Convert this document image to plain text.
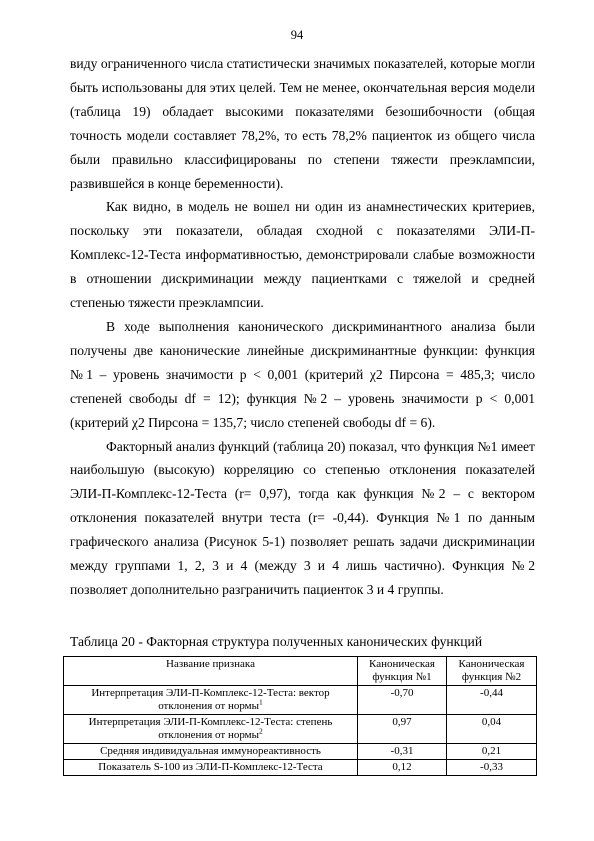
94

виду ограниченного числа статистически значимых показателей, которые могли быть использованы для этих целей. Тем не менее, окончательная версия модели (таблица 19) обладает высокими показателями безошибочности (общая точность модели составляет 78,2%, то есть 78,2% пациенток из общего числа были правильно классифицированы по степени тяжести преэклампсии, развившейся в конце беременности).

Как видно, в модель не вошел ни один из анамнестических критериев, поскольку эти показатели, обладая сходной с показателями ЭЛИ-П-Комплекс-12-Теста информативностью, демонстрировали слабые возможности в отношении дискриминации между пациентками с тяжелой и средней степенью тяжести преэклампсии.

В ходе выполнения канонического дискриминантного анализа были получены две канонические линейные дискриминантные функции: функция №1 – уровень значимости p < 0,001 (критерий χ2 Пирсона = 485,3; число степеней свободы df = 12); функция №2 – уровень значимости p < 0,001 (критерий χ2 Пирсона = 135,7; число степеней свободы df = 6).

Факторный анализ функций (таблица 20) показал, что функция №1 имеет наибольшую (высокую) корреляцию со степенью отклонения показателей ЭЛИ-П-Комплекс-12-Теста (r= 0,97), тогда как функция №2 – с вектором отклонения показателей внутри теста (r= -0,44). Функция №1 по данным графического анализа (Рисунок 5-1) позволяет решать задачи дискриминации между группами 1, 2, 3 и 4 (между 3 и 4 лишь частично). Функция №2 позволяет дополнительно разграничить пациенток 3 и 4 группы.

Таблица 20 - Факторная структура полученных канонических функций
Название признака	Каноническая функция №1	Каноническая функция №2
Интерпретация ЭЛИ-П-Комплекс-12-Теста: вектор отклонения от нормы$^1$	-0,70	-0,44
Интерпретация ЭЛИ-П-Комплекс-12-Теста: степень отклонения от нормы$^2$	0,97	0,04
Средняя индивидуальная иммунореактивность	-0,31	0,21
Показатель S-100 из ЭЛИ-П-Комплекс-12-Теста	0,12	-0,33
